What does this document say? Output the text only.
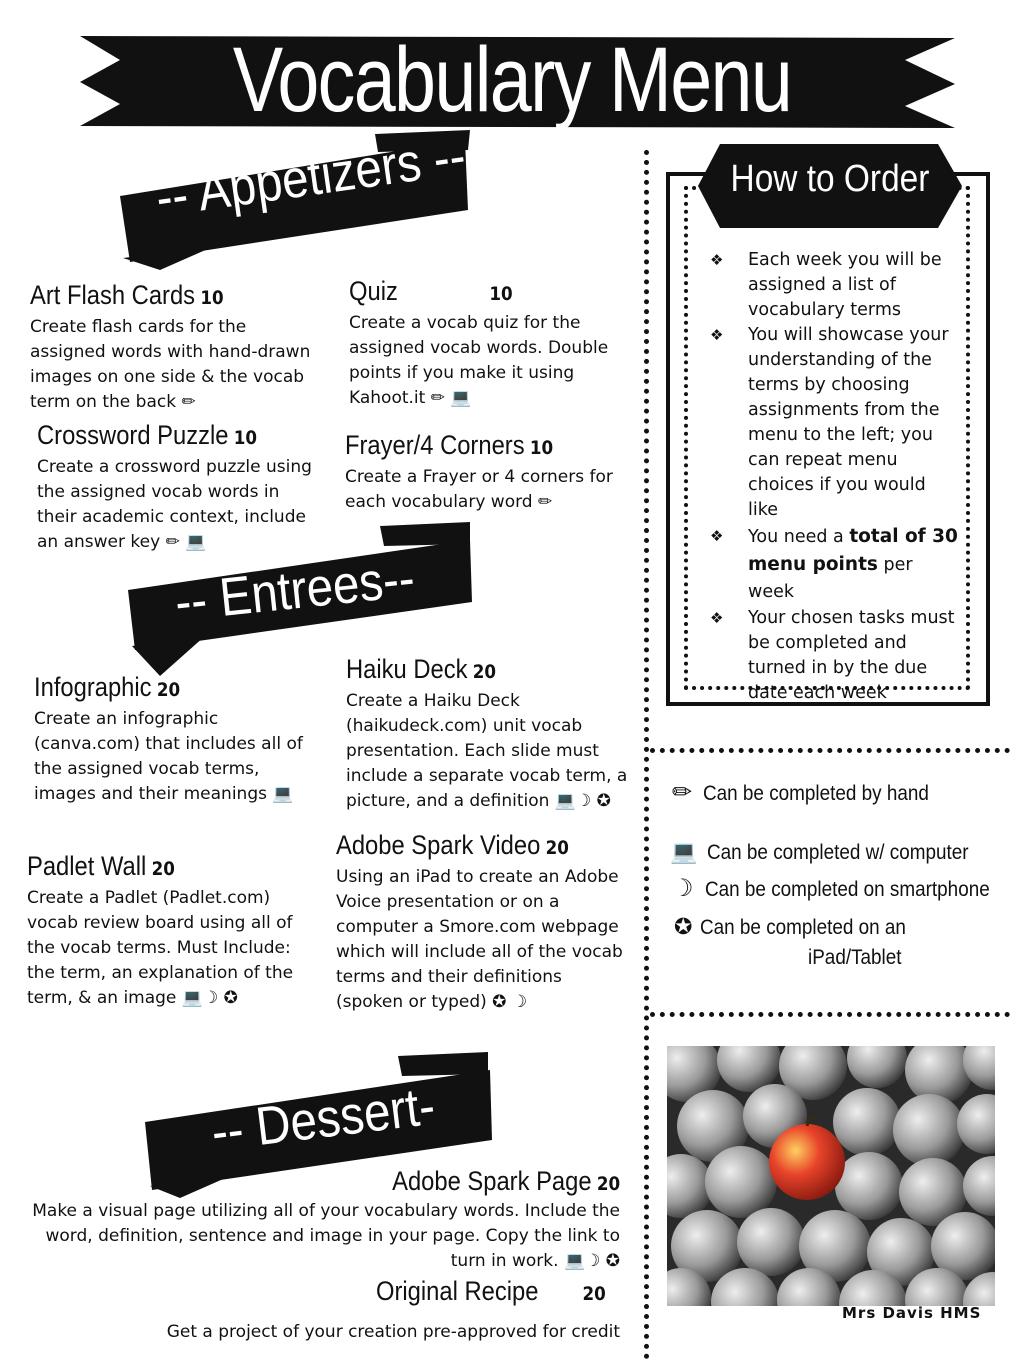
Vocabulary Menu
-- Appetizers --
Art Flash Cards 10
Create flash cards for the assigned words with hand-drawn images on one side & the vocab term on the back ✏
Quiz	10
Create a vocab quiz for the assigned vocab words. Double points if you make it using Kahoot.it ✏ 💻
Crossword Puzzle 10
Create a crossword puzzle using the assigned vocab words in their academic context, include an answer key ✏ 💻
Frayer/4 Corners 10
Create a Frayer or 4 corners for each vocabulary word ✏
-- Entrees--
Infographic 20
Create an infographic (canva.com) that includes all of the assigned vocab terms, images and their meanings 💻
Haiku Deck 20
Create a Haiku Deck (haikudeck.com) unit vocab presentation. Each slide must include a separate vocab term, a picture, and a definition 💻☽ ✪
Padlet Wall 20
Create a Padlet (Padlet.com) vocab review board using all of the vocab terms. Must Include: the term, an explanation of the term, & an image 💻☽ ✪
Adobe Spark Video 20
Using an iPad to create an Adobe Voice presentation or on a computer a Smore.com webpage which will include all of the vocab terms and their definitions (spoken or typed) ✪ ☽
-- Dessert-
Adobe Spark Page 20
Make a visual page utilizing all of your vocabulary words. Include the word, definition, sentence and image in your page. Copy the link to turn in work. 💻☽ ✪
Original Recipe 20
Get a project of your creation pre-approved for credit
How to Order
❖ Each week you will be assigned a list of vocabulary terms
❖ You will showcase your understanding of the terms by choosing assignments from the menu to the left; you can repeat menu choices if you would like
❖ You need a total of 30 menu points per week
❖ Your chosen tasks must be completed and turned in by the due date each week
✏ Can be completed by hand
💻 Can be completed w/ computer
☽ Can be completed on smartphone
✪ Can be completed on an
iPad/Tablet
Mrs Davis HMS
